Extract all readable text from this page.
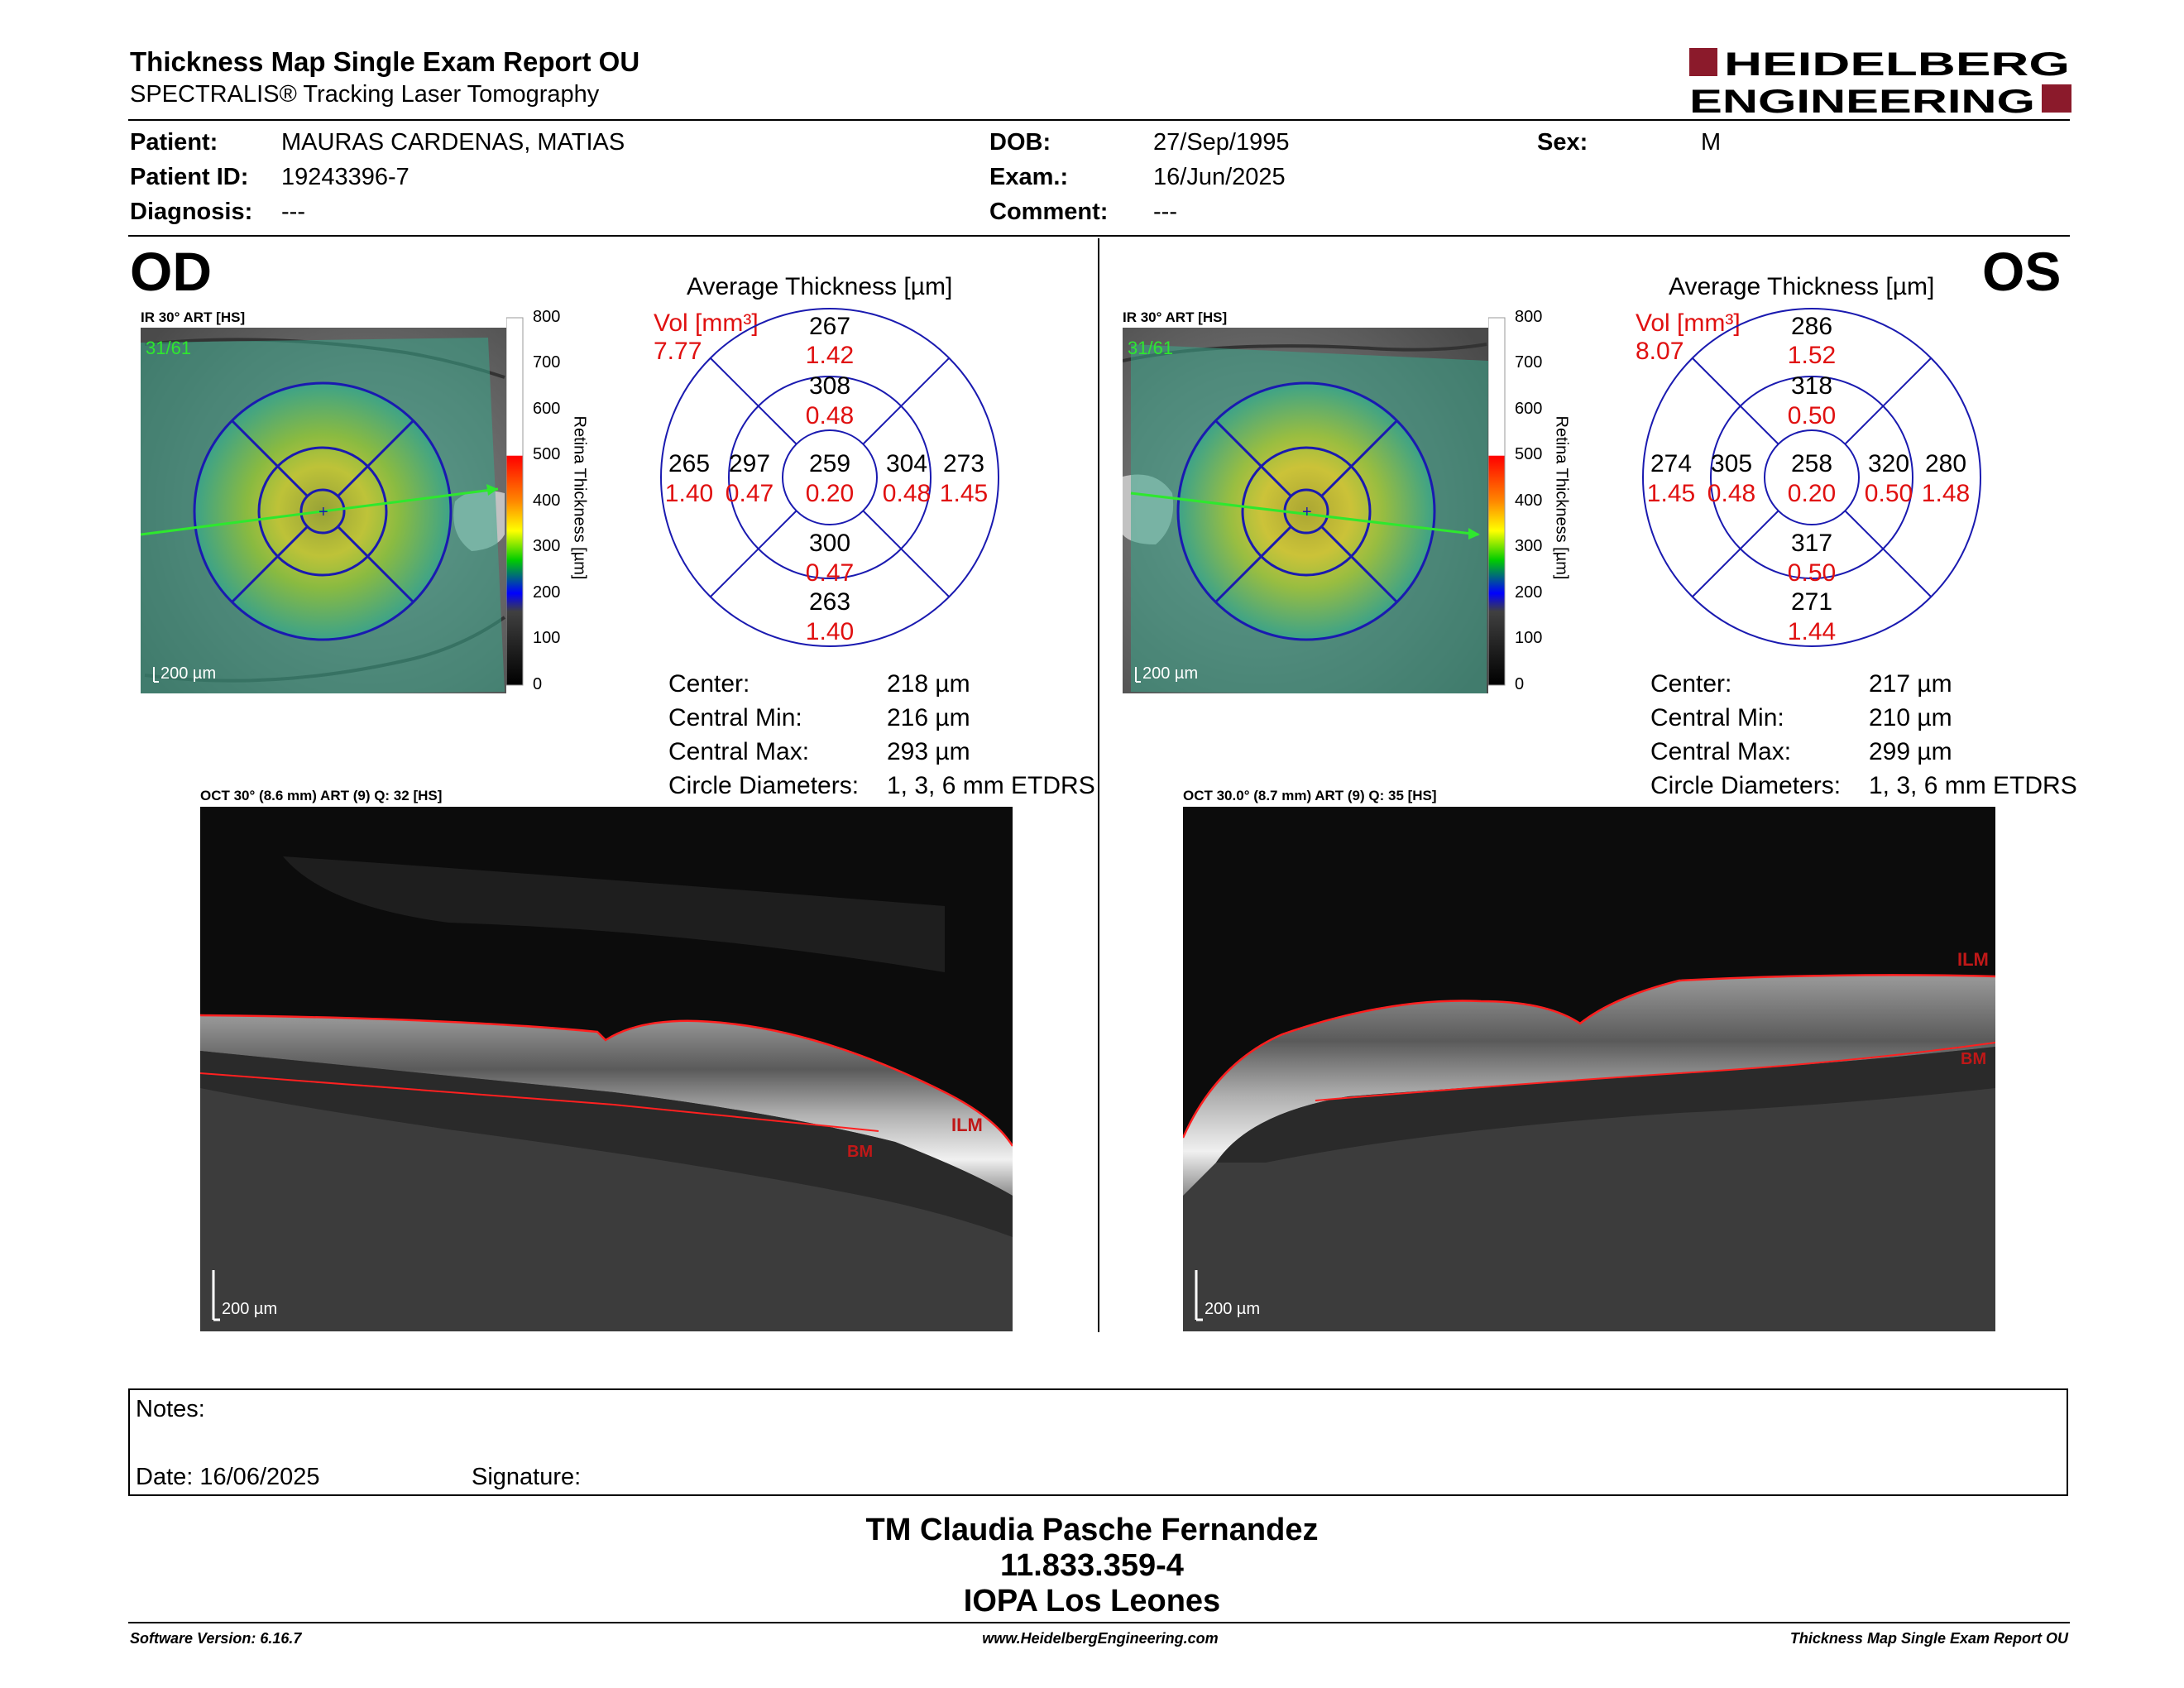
Thickness Map Single Exam Report OU
SPECTRALIS® Tracking Laser Tomography
HEIDELBERG
ENGINEERING
Patient:	MAURAS CARDENAS, MATIAS
Patient ID: 19243396-7
Diagnosis: ---
DOB:	27/Sep/1995
Exam.:	16/Jun/2025
Comment: ---
Sex:	M
OD
IR 30° ART [HS]
+
31/61
200 µm
800
700
600
500
400
300
200
100
0
Retina Thickness [µm]
Average Thickness [µm]
Vol [mm³]
7.77
267
1.42
308
0.48
259
0.20
297
0.47
304
0.48
265
1.40
273
1.45
300
0.47
263
1.40
Center:	218 µm
Central Min:	216 µm
Central Max:	293 µm
Circle Diameters: 1, 3, 6 mm ETDRS
OCT 30° (8.6 mm) ART (9) Q: 32 [HS]
ILM
BM
200 µm
OS
IR 30° ART [HS]
+
31/61
200 µm
800
700
600
500
400
300
200
100
0
Retina Thickness [µm]
Average Thickness [µm]
Vol [mm³]
8.07
286
1.52
318
0.50
258
0.20
305
0.48
320
0.50
274
1.45
280
1.48
317
0.50
271
1.44
Center:	217 µm
Central Min:	210 µm
Central Max:	299 µm
Circle Diameters: 1, 3, 6 mm ETDRS
OCT 30.0° (8.7 mm) ART (9) Q: 35 [HS]
ILM
BM
200 µm
Notes:
Date: 16/06/2025	Signature:
TM Claudia Pasche Fernandez
11.833.359-4
IOPA Los Leones
Software Version: 6.16.7	www.HeidelbergEngineering.com	Thickness Map Single Exam Report OU
